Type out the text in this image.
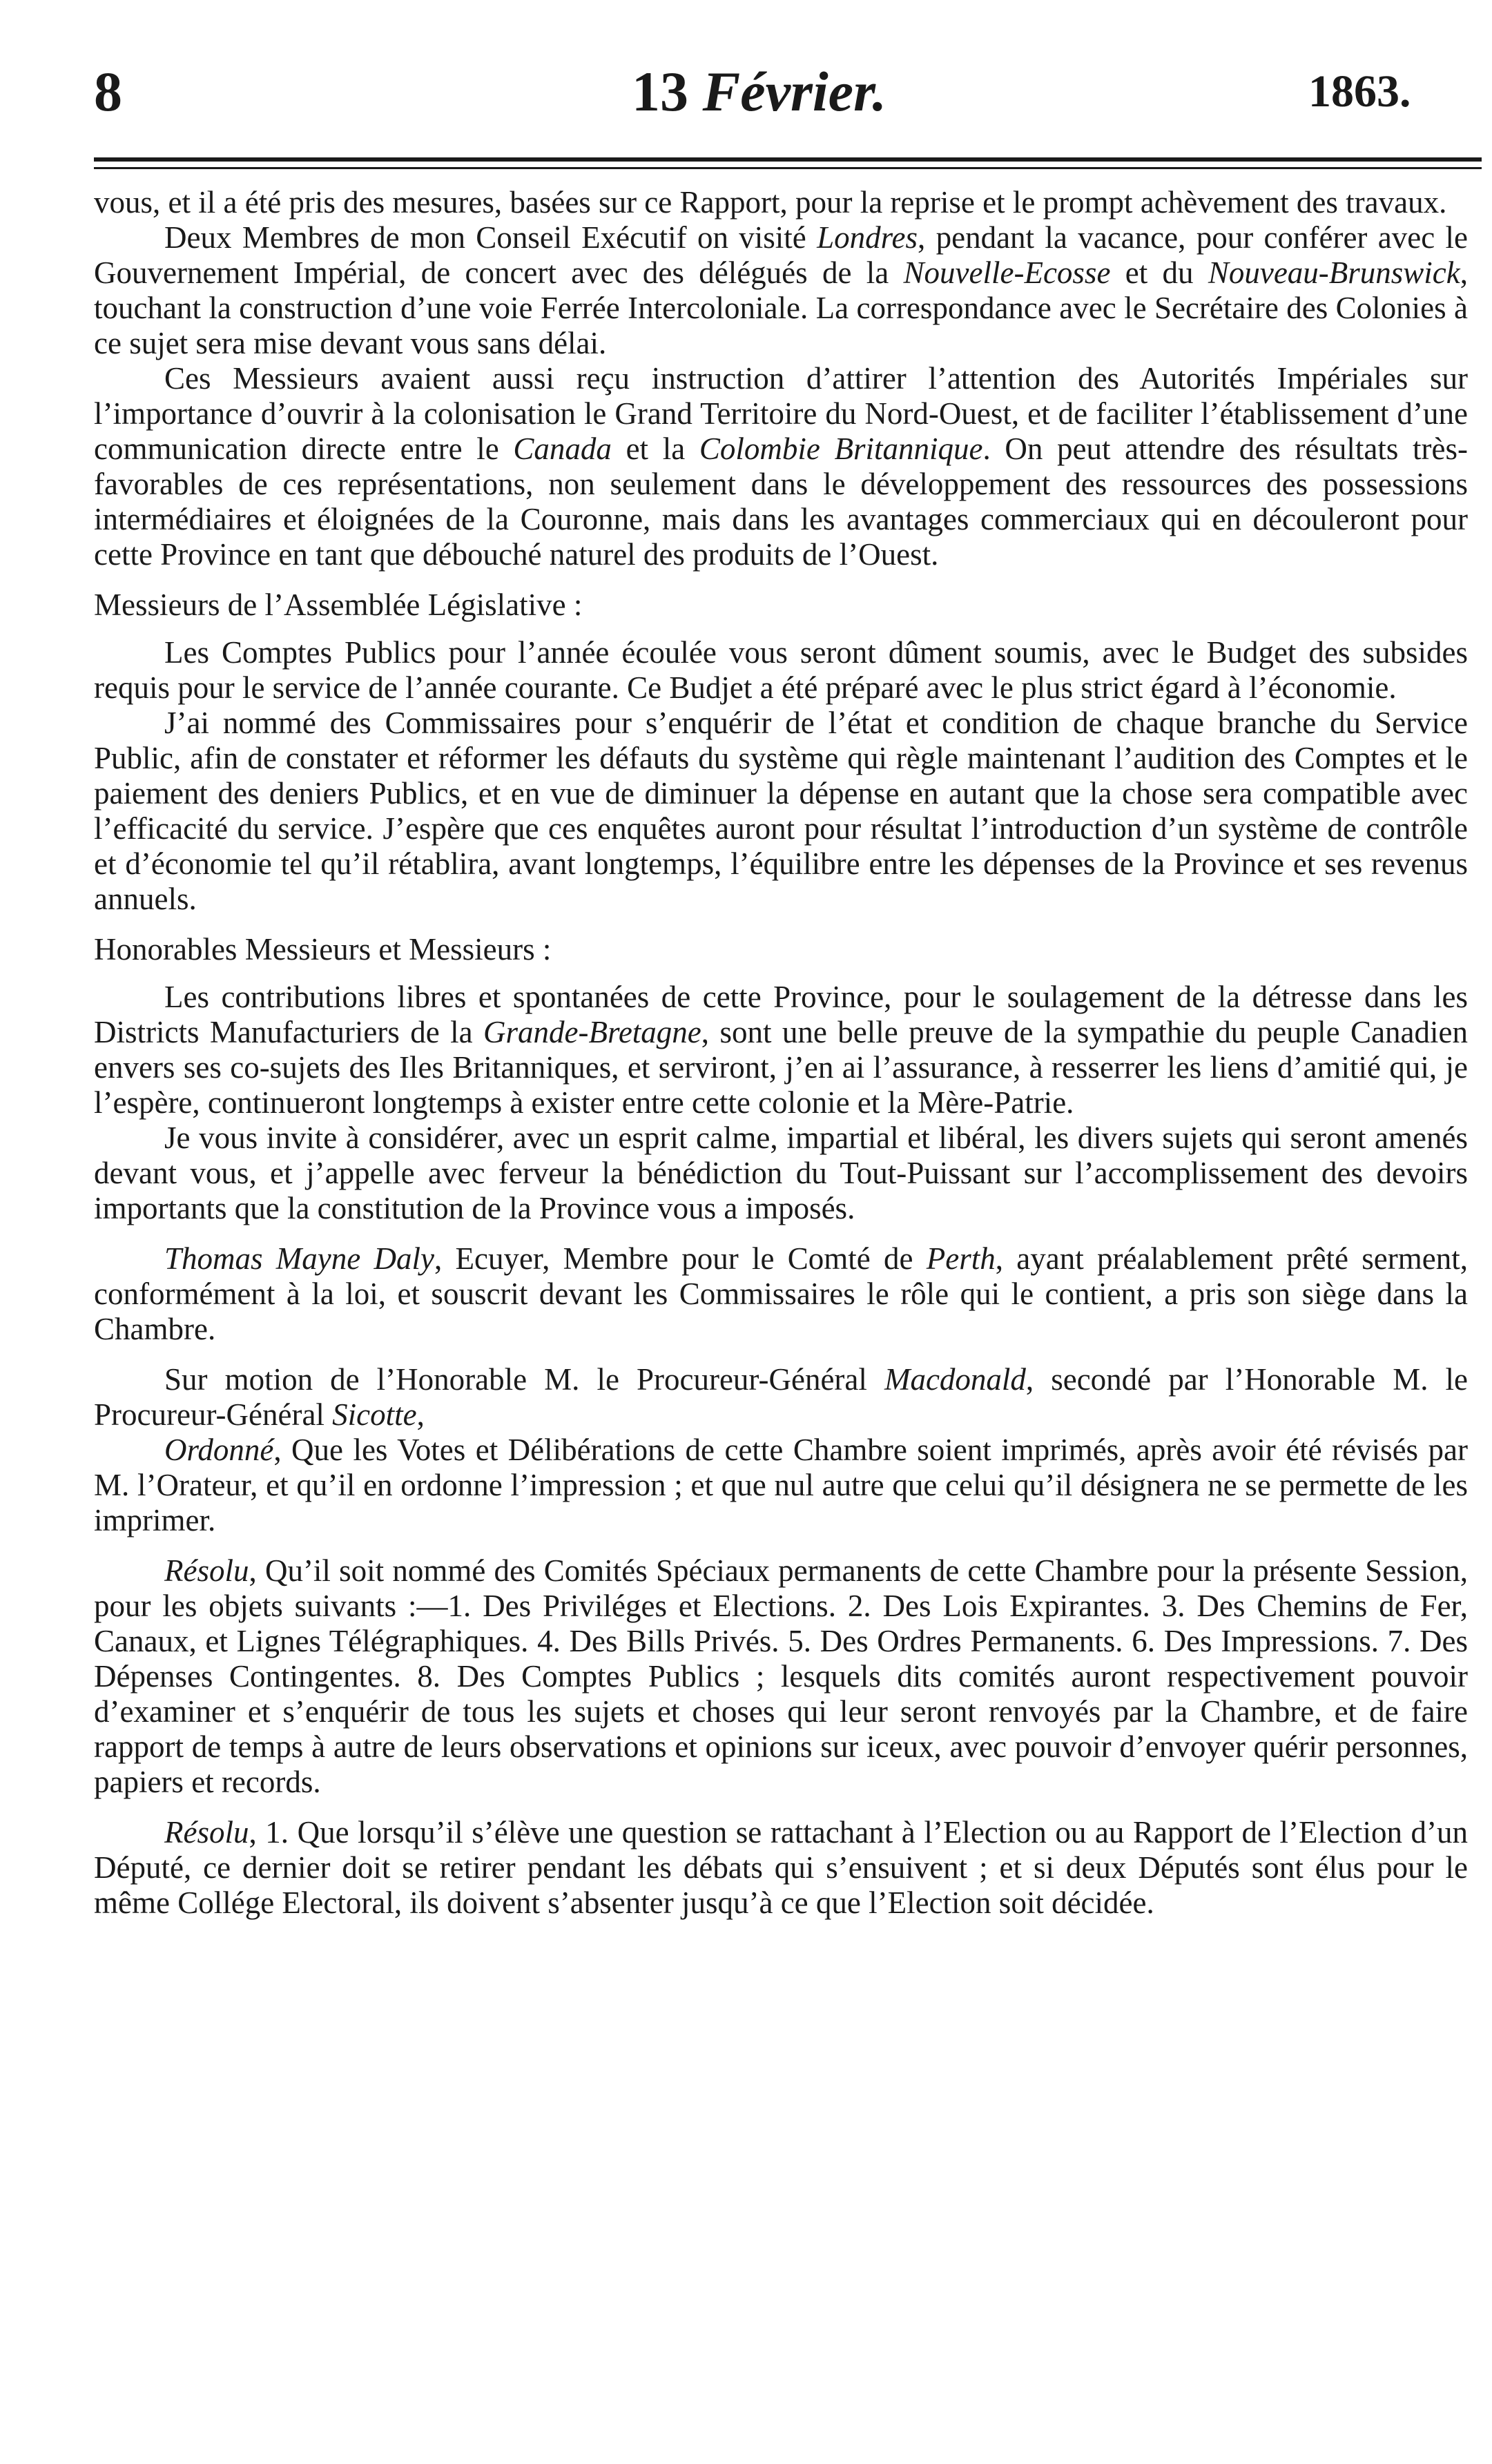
8	13 Février.	1863.

vous, et il a été pris des mesures, basées sur ce Rapport, pour la reprise et le prompt achèvement des travaux.

Deux Membres de mon Conseil Exécutif on visité Londres, pendant la vacance, pour conférer avec le Gouvernement Impérial, de concert avec des délégués de la Nouvelle-Ecosse et du Nouveau-Brunswick, touchant la construction d’une voie Ferrée Intercoloniale. La correspondance avec le Secrétaire des Colonies à ce sujet sera mise devant vous sans délai.

Ces Messieurs avaient aussi reçu instruction d’attirer l’attention des Autorités Impériales sur l’importance d’ouvrir à la colonisation le Grand Territoire du Nord-Ouest, et de faciliter l’établissement d’une communication directe entre le Canada et la Colombie Britannique. On peut attendre des résultats très-favorables de ces représentations, non seulement dans le développement des ressources des possessions intermédiaires et éloignées de la Couronne, mais dans les avantages commerciaux qui en découleront pour cette Province en tant que débouché naturel des produits de l’Ouest.

Messieurs de l’Assemblée Législative :

Les Comptes Publics pour l’année écoulée vous seront dûment soumis, avec le Budget des subsides requis pour le service de l’année courante. Ce Budjet a été préparé avec le plus strict égard à l’économie.

J’ai nommé des Commissaires pour s’enquérir de l’état et condition de chaque branche du Service Public, afin de constater et réformer les défauts du système qui règle maintenant l’audition des Comptes et le paiement des deniers Publics, et en vue de diminuer la dépense en autant que la chose sera compatible avec l’efficacité du service. J’espère que ces enquêtes auront pour résultat l’introduction d’un système de contrôle et d’économie tel qu’il rétablira, avant longtemps, l’équilibre entre les dépenses de la Province et ses revenus annuels.

Honorables Messieurs et Messieurs :

Les contributions libres et spontanées de cette Province, pour le soulagement de la détresse dans les Districts Manufacturiers de la Grande-Bretagne, sont une belle preuve de la sympathie du peuple Canadien envers ses co-sujets des Iles Britanniques, et serviront, j’en ai l’assurance, à resserrer les liens d’amitié qui, je l’espère, continueront longtemps à exister entre cette colonie et la Mère-Patrie.

Je vous invite à considérer, avec un esprit calme, impartial et libéral, les divers sujets qui seront amenés devant vous, et j’appelle avec ferveur la bénédiction du Tout-Puissant sur l’accomplissement des devoirs importants que la constitution de la Province vous a imposés.

Thomas Mayne Daly, Ecuyer, Membre pour le Comté de Perth, ayant préalablement prêté serment, conformément à la loi, et souscrit devant les Commissaires le rôle qui le contient, a pris son siège dans la Chambre.

Sur motion de l’Honorable M. le Procureur-Général Macdonald, secondé par l’Honorable M. le Procureur-Général Sicotte,

Ordonné, Que les Votes et Délibérations de cette Chambre soient imprimés, après avoir été révisés par M. l’Orateur, et qu’il en ordonne l’impression ; et que nul autre que celui qu’il désignera ne se permette de les imprimer.

Résolu, Qu’il soit nommé des Comités Spéciaux permanents de cette Chambre pour la présente Session, pour les objets suivants :—1. Des Priviléges et Elections. 2. Des Lois Expirantes. 3. Des Chemins de Fer, Canaux, et Lignes Télégraphiques. 4. Des Bills Privés. 5. Des Ordres Permanents. 6. Des Impressions. 7. Des Dépenses Contingentes. 8. Des Comptes Publics ; lesquels dits comités auront respectivement pouvoir d’examiner et s’enquérir de tous les sujets et choses qui leur seront renvoyés par la Chambre, et de faire rapport de temps à autre de leurs observations et opinions sur iceux, avec pouvoir d’envoyer quérir personnes, papiers et records.

Résolu, 1. Que lorsqu’il s’élève une question se rattachant à l’Election ou au Rapport de l’Election d’un Député, ce dernier doit se retirer pendant les débats qui s’ensuivent ; et si deux Députés sont élus pour le même Collége Electoral, ils doivent s’absenter jusqu’à ce que l’Election soit décidée.
